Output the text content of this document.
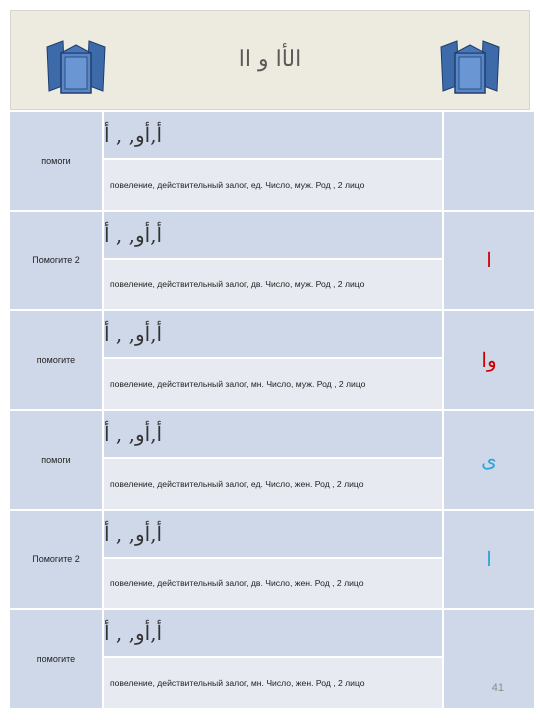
الأا و اا
помоги
أ,أو, , أ
повеление, действительный залог, ед. Число, муж. Род , 2 лицо
Помогите 2
أ,أو, , أ
повеление, действительный залог, дв. Число, муж. Род , 2 лицо
ا
помогите
أ,أو, , أ
повеление, действительный залог, мн. Число, муж. Род , 2 лицо
وا
помоги
أ,أو, , أ
повеление, действительный залог, ед. Число, жен. Род , 2 лицо
ى
Помогите 2
أ,أو, , أ
повеление, действительный залог, дв. Число, жен. Род , 2 лицо
ا
помогите
أ,أو, , أ
повеление, действительный залог, мн. Число, жен. Род , 2 лицо	41
